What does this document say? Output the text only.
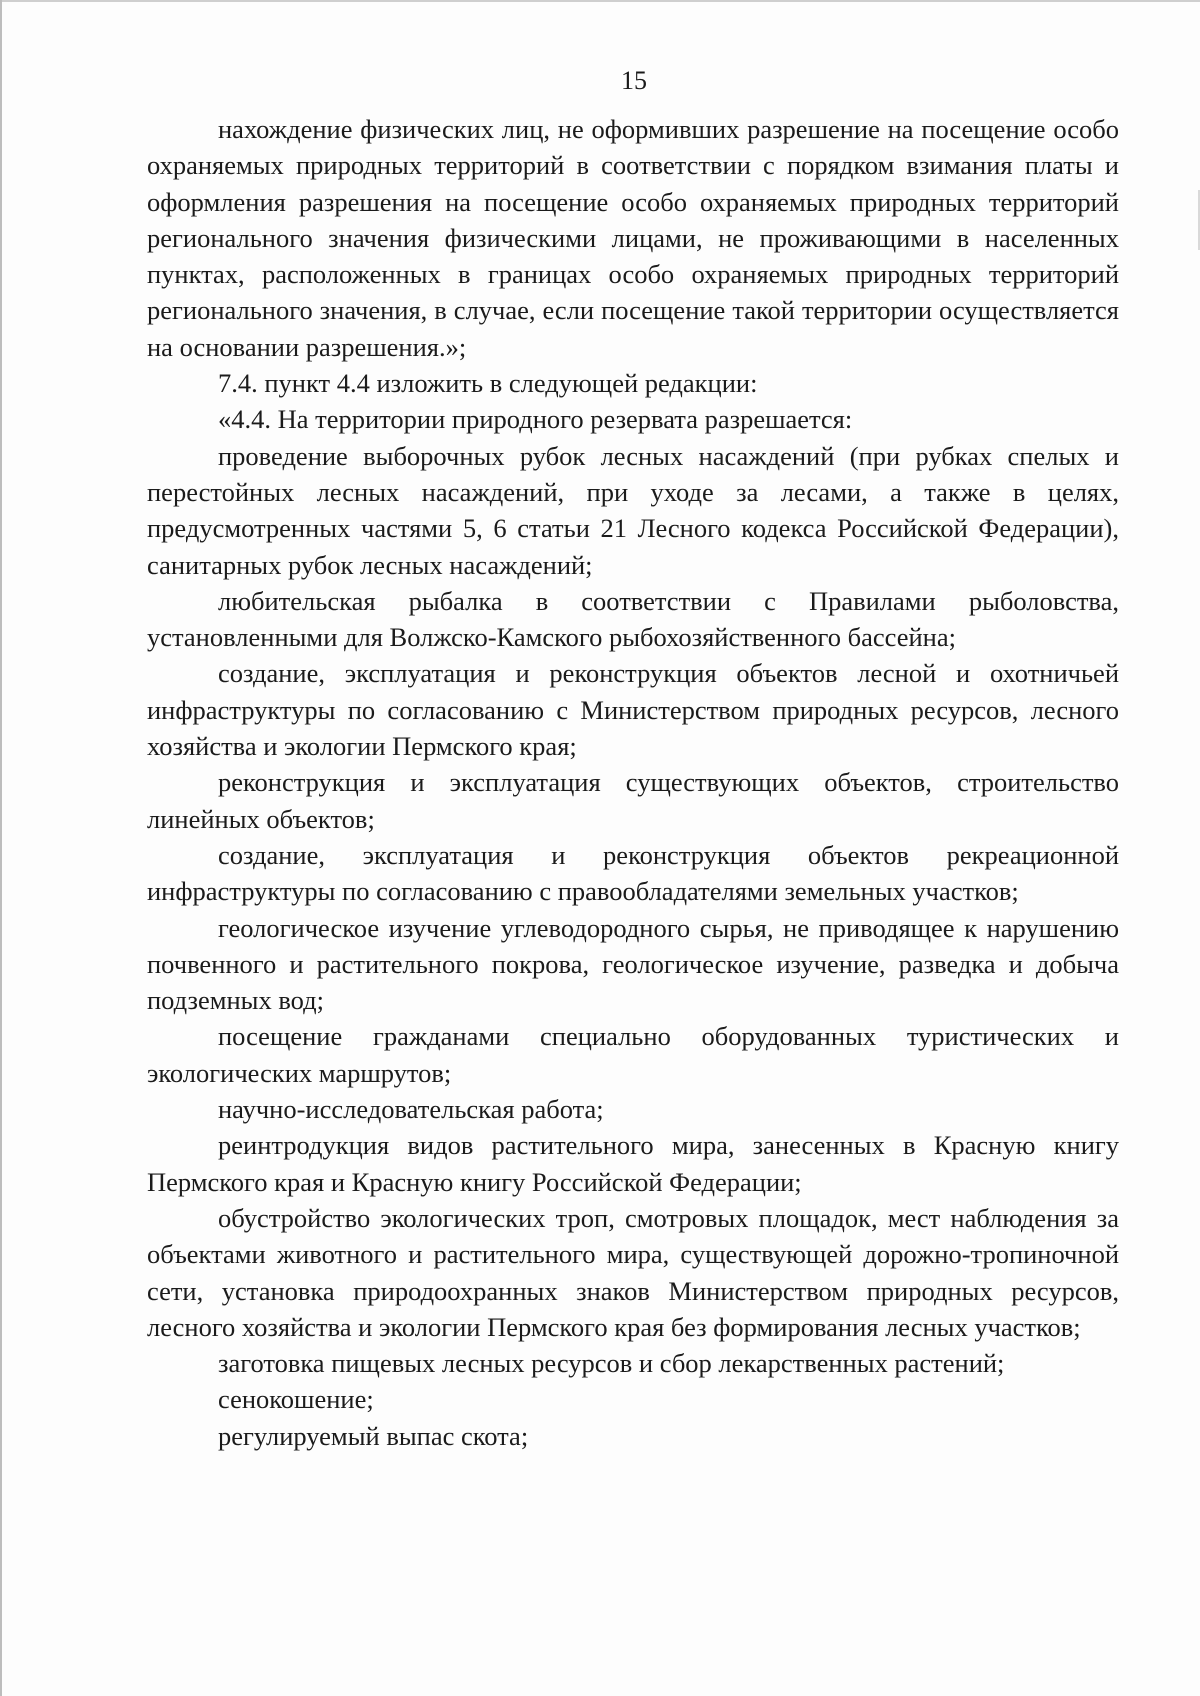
15

нахождение физических лиц, не оформивших разрешение на посещение особо охраняемых природных территорий в соответствии с порядком взимания платы и оформления разрешения на посещение особо охраняемых природных территорий регионального значения физическими лицами, не проживающими в населенных пунктах, расположенных в границах особо охраняемых природных территорий регионального значения, в случае, если посещение такой территории осуществляется на основании разрешения.»;

7.4. пункт 4.4 изложить в следующей редакции:

«4.4. На территории природного резервата разрешается:

проведение выборочных рубок лесных насаждений (при рубках спелых и перестойных лесных насаждений, при уходе за лесами, а также в целях, предусмотренных частями 5, 6 статьи 21 Лесного кодекса Российской Федерации), санитарных рубок лесных насаждений;

любительская рыбалка в соответствии с Правилами рыболовства, установленными для Волжско-Камского рыбохозяйственного бассейна;

создание, эксплуатация и реконструкция объектов лесной и охотничьей инфраструктуры по согласованию с Министерством природных ресурсов, лесного хозяйства и экологии Пермского края;

реконструкция и эксплуатация существующих объектов, строительство линейных объектов;

создание, эксплуатация и реконструкция объектов рекреационной инфраструктуры по согласованию с правообладателями земельных участков;

геологическое изучение углеводородного сырья, не приводящее к нарушению почвенного и растительного покрова, геологическое изучение, разведка и добыча подземных вод;

посещение гражданами специально оборудованных туристических и экологических маршрутов;

научно-исследовательская работа;

реинтродукция видов растительного мира, занесенных в Красную книгу Пермского края и Красную книгу Российской Федерации;

обустройство экологических троп, смотровых площадок, мест наблюдения за объектами животного и растительного мира, существующей дорожно-тропиночной сети, установка природоохранных знаков Министерством природных ресурсов, лесного хозяйства и экологии Пермского края без формирования лесных участков;

заготовка пищевых лесных ресурсов и сбор лекарственных растений;

сенокошение;

регулируемый выпас скота;
